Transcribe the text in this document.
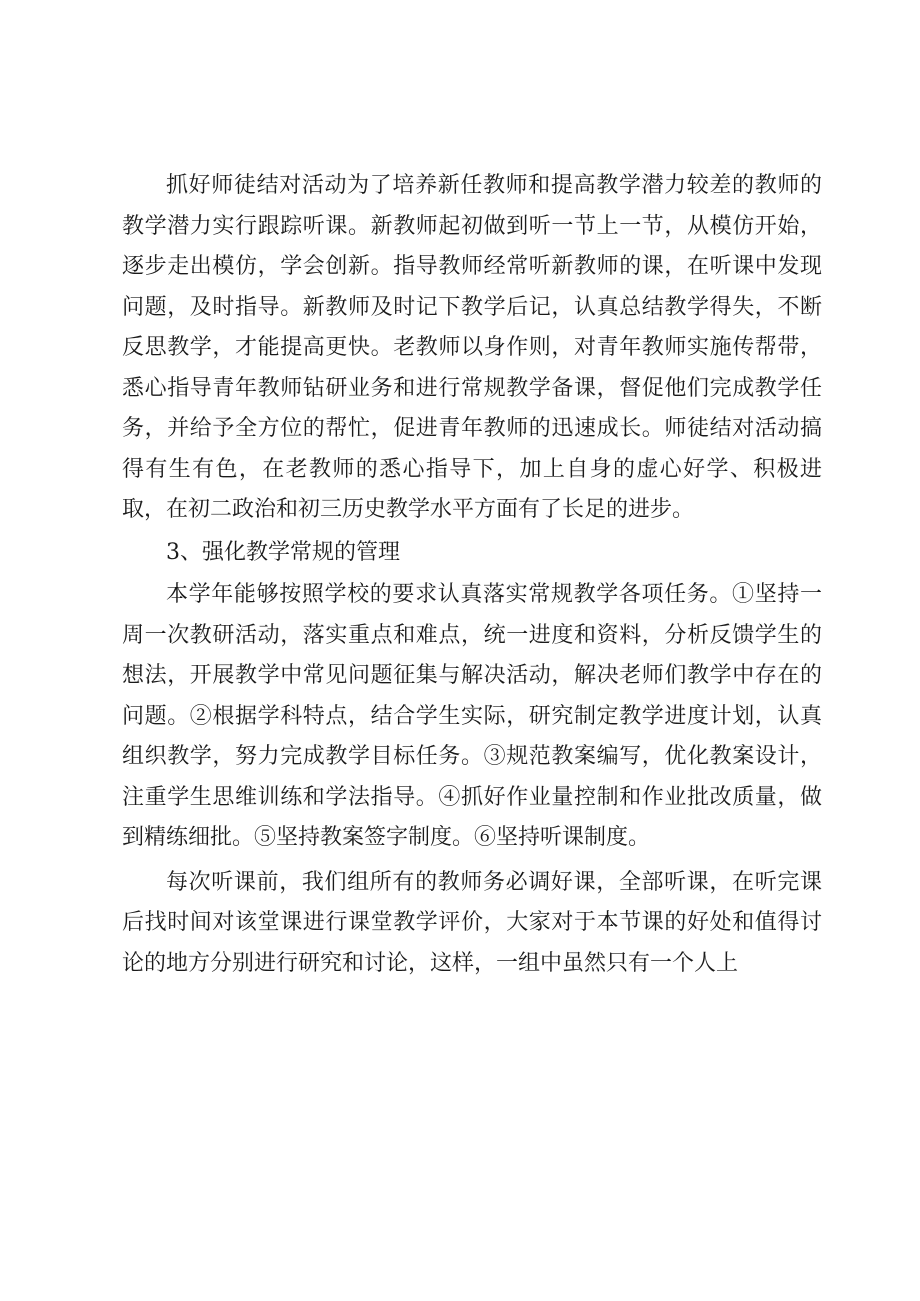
抓好师徒结对活动为了培养新任教师和提高教学潜力较差的教师的教学潜力实行跟踪听课。新教师起初做到听一节上一节，从模仿开始，逐步走出模仿，学会创新。指导教师经常听新教师的课，在听课中发现问题，及时指导。新教师及时记下教学后记，认真总结教学得失，不断反思教学，才能提高更快。老教师以身作则，对青年教师实施传帮带，悉心指导青年教师钻研业务和进行常规教学备课，督促他们完成教学任务，并给予全方位的帮忙，促进青年教师的迅速成长。师徒结对活动搞得有生有色，在老教师的悉心指导下，加上自身的虚心好学、积极进取，在初二政治和初三历史教学水平方面有了长足的进步。

3、强化教学常规的管理

本学年能够按照学校的要求认真落实常规教学各项任务。①坚持一周一次教研活动，落实重点和难点，统一进度和资料，分析反馈学生的想法，开展教学中常见问题征集与解决活动，解决老师们教学中存在的问题。②根据学科特点，结合学生实际，研究制定教学进度计划，认真组织教学，努力完成教学目标任务。③规范教案编写，优化教案设计，注重学生思维训练和学法指导。④抓好作业量控制和作业批改质量，做到精练细批。⑤坚持教案签字制度。⑥坚持听课制度。

每次听课前，我们组所有的教师务必调好课，全部听课，在听完课后找时间对该堂课进行课堂教学评价，大家对于本节课的好处和值得讨论的地方分别进行研究和讨论，这样，一组中虽然只有一个人上
